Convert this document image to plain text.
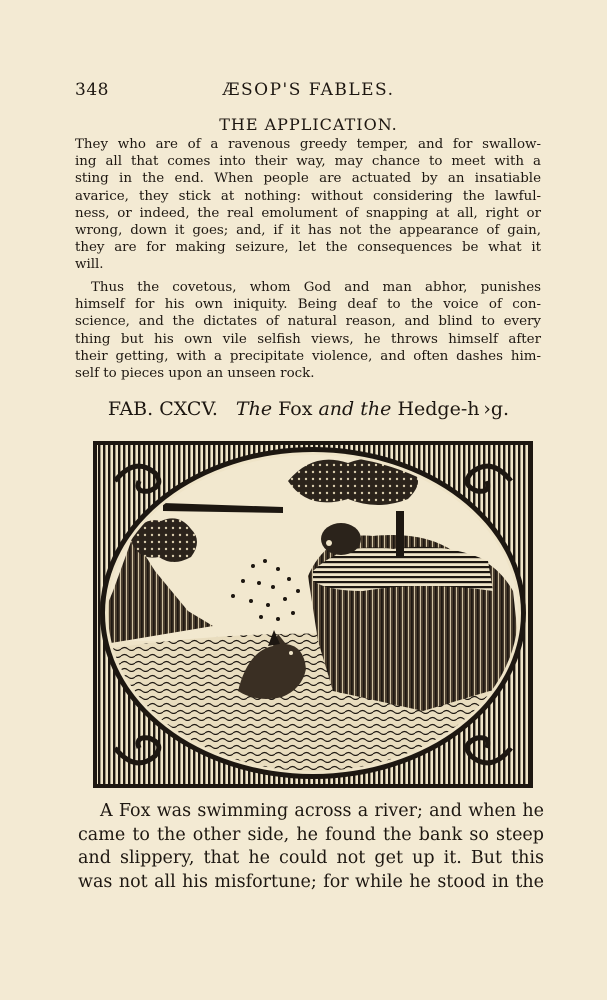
348	ÆSOP'S FABLES.
THE APPLICATION.

They who are of a ravenous greedy temper, and for swallow-
ing all that comes into their way, may chance to meet with a
sting in the end. When people are actuated by an insatiable
avarice, they stick at nothing: without considering the lawful-
ness, or indeed, the real emolument of snapping at all, right or
wrong, down it goes; and, if it has not the appearance of gain,
they are for making seizure, let the consequences be what it
will.

Thus the covetous, whom God and man abhor, punishes
himself for his own iniquity. Being deaf to the voice of con-
science, and the dictates of natural reason, and blind to every
thing but his own vile selfish views, he throws himself after
their getting, with a precipitate violence, and often dashes him-
self to pieces upon an unseen rock.

FAB. CXCV. The Fox and the Hedge-h ›g.

A Fox was swimming across a river; and when he
came to the other side, he found the bank so steep
and slippery, that he could not get up it. But this
was not all his misfortune; for while he stood in the
